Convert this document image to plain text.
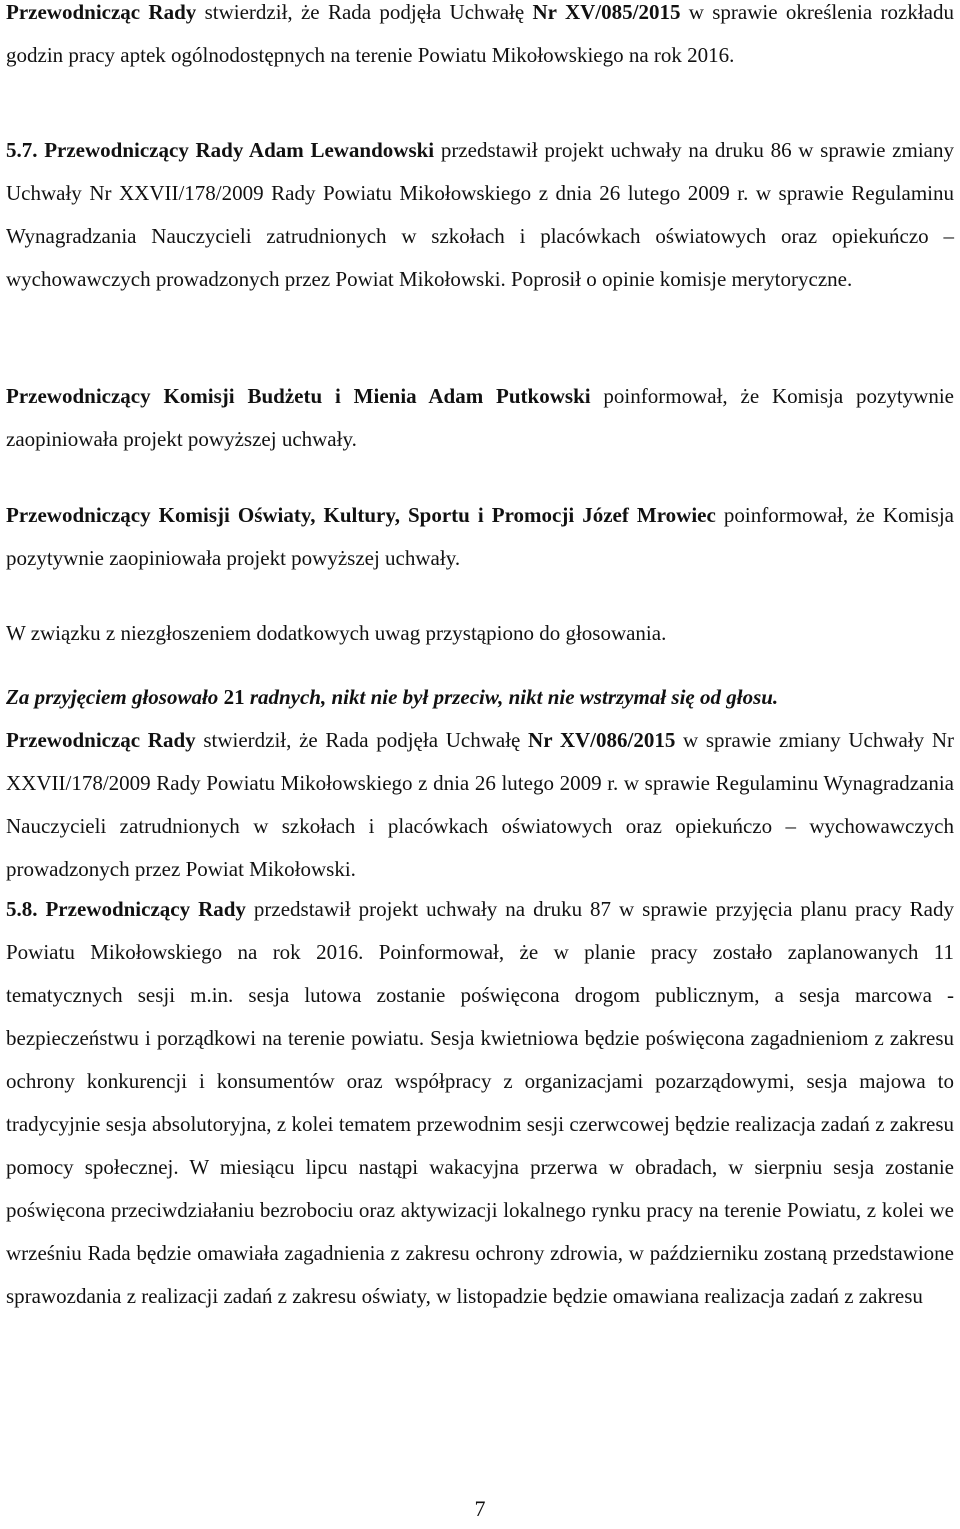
Przewodnicząc Rady stwierdził, że Rada podjęła Uchwałę Nr XV/085/2015 w sprawie określenia rozkładu godzin pracy aptek ogólnodostępnych na terenie Powiatu Mikołowskiego na rok 2016.

5.7. Przewodniczący Rady Adam Lewandowski przedstawił projekt uchwały na druku 86 w sprawie zmiany Uchwały Nr XXVII/178/2009 Rady Powiatu Mikołowskiego z dnia 26 lutego 2009 r. w sprawie Regulaminu Wynagradzania Nauczycieli zatrudnionych w szkołach i placówkach oświatowych oraz opiekuńczo – wychowawczych prowadzonych przez Powiat Mikołowski. Poprosił o opinie komisje merytoryczne.

Przewodniczący Komisji Budżetu i Mienia Adam Putkowski poinformował, że Komisja pozytywnie zaopiniowała projekt powyższej uchwały.

Przewodniczący Komisji Oświaty, Kultury, Sportu i Promocji Józef Mrowiec poinformował, że Komisja pozytywnie zaopiniowała projekt powyższej uchwały.

W związku z niezgłoszeniem dodatkowych uwag przystąpiono do głosowania.

Za przyjęciem głosowało 21 radnych, nikt nie był przeciw, nikt nie wstrzymał się od głosu.

Przewodnicząc Rady stwierdził, że Rada podjęła Uchwałę Nr XV/086/2015 w sprawie zmiany Uchwały Nr XXVII/178/2009 Rady Powiatu Mikołowskiego z dnia 26 lutego 2009 r. w sprawie Regulaminu Wynagradzania Nauczycieli zatrudnionych w szkołach i placówkach oświatowych oraz opiekuńczo – wychowawczych prowadzonych przez Powiat Mikołowski.

5.8. Przewodniczący Rady przedstawił projekt uchwały na druku 87 w sprawie przyjęcia planu pracy Rady Powiatu Mikołowskiego na rok 2016. Poinformował, że w planie pracy zostało zaplanowanych 11 tematycznych sesji m.in. sesja lutowa zostanie poświęcona drogom publicznym, a sesja marcowa - bezpieczeństwu i porządkowi na terenie powiatu. Sesja kwietniowa będzie poświęcona zagadnieniom z zakresu ochrony konkurencji i konsumentów oraz współpracy z organizacjami pozarządowymi, sesja majowa to tradycyjnie sesja absolutoryjna, z kolei tematem przewodnim sesji czerwcowej będzie realizacja zadań z zakresu pomocy społecznej. W miesiącu lipcu nastąpi wakacyjna przerwa w obradach, w sierpniu sesja zostanie poświęcona przeciwdziałaniu bezrobociu oraz aktywizacji lokalnego rynku pracy na terenie Powiatu, z kolei we wrześniu Rada będzie omawiała zagadnienia z zakresu ochrony zdrowia, w październiku zostaną przedstawione sprawozdania z realizacji zadań z zakresu oświaty, w listopadzie będzie omawiana realizacja zadań z zakresu

7
